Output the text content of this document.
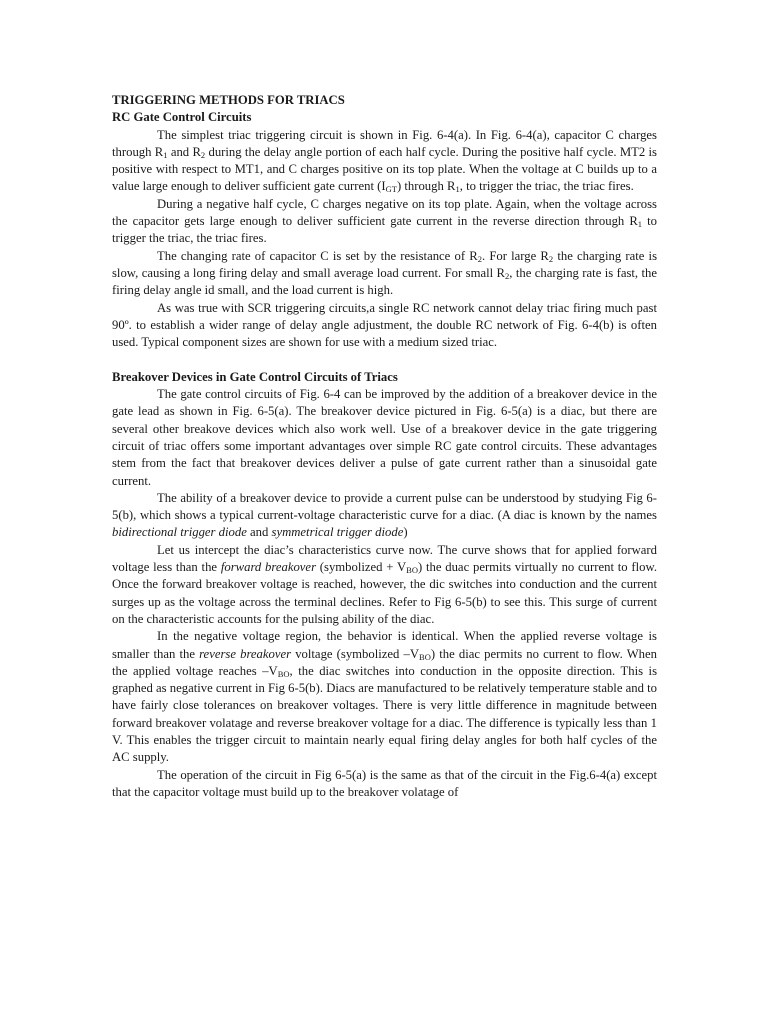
TRIGGERING METHODS FOR TRIACS
RC Gate Control Circuits

The simplest triac triggering circuit is shown in Fig. 6-4(a). In Fig. 6-4(a), capacitor C charges through $R_1$ and $R_2$ during the delay angle portion of each half cycle. During the positive half cycle. MT2 is positive with respect to MT1, and C charges positive on its top plate. When the voltage at C builds up to a value large enough to deliver sufficient gate current $(I_{GT})$ through $R_1$, to trigger the triac, the triac fires.

During a negative half cycle, C charges negative on its top plate. Again, when the voltage across the capacitor gets large enough to deliver sufficient gate current in the reverse direction through $R_1$ to trigger the triac, the triac fires.

The changing rate of capacitor C is set by the resistance of $R_2$. For large $R_2$ the charging rate is slow, causing a long firing delay and small average load current. For small $R_2$, the charging rate is fast, the firing delay angle id small, and the load current is high.

As was true with SCR triggering circuits,a single RC network cannot delay triac firing much past 90º. to establish a wider range of delay angle adjustment, the double RC network of Fig. 6-4(b) is often used. Typical component sizes are shown for use with a medium sized triac.

Breakover Devices in Gate Control Circuits of Triacs

The gate control circuits of Fig. 6-4 can be improved by the addition of a breakover device in the gate lead as shown in Fig. 6-5(a). The breakover device pictured in Fig. 6-5(a) is a diac, but there are several other breakove devices which also work well. Use of a breakover device in the gate triggering circuit of triac offers some important advantages over simple RC gate control circuits. These advantages stem from the fact that breakover devices deliver a pulse of gate current rather than a sinusoidal gate current.

The ability of a breakover device to provide a current pulse can be understood by studying Fig 6-5(b), which shows a typical current-voltage characteristic curve for a diac. (A diac is known by the names bidirectional trigger diode and symmetrical trigger diode)

Let us intercept the diac’s characteristics curve now. The curve shows that for applied forward voltage less than the forward breakover (symbolized + $V_{BO}$) the duac permits virtually no current to flow. Once the forward breakover voltage is reached, however, the dic switches into conduction and the current surges up as the voltage across the terminal declines. Refer to Fig 6-5(b) to see this. This surge of current on the characteristic accounts for the pulsing ability of the diac.

In the negative voltage region, the behavior is identical. When the applied reverse voltage is smaller than the reverse breakover voltage (symbolized $-V_{BO}$) the diac permits no current to flow. When the applied voltage reaches $-V_{BO}$, the diac switches into conduction in the opposite direction. This is graphed as negative current in Fig 6-5(b). Diacs are manufactured to be relatively temperature stable and to have fairly close tolerances on breakover voltages. There is very little difference in magnitude between forward breakover volatage and reverse breakover voltage for a diac. The difference is typically less than 1 V. This enables the trigger circuit to maintain nearly equal firing delay angles for both half cycles of the AC supply.

The operation of the circuit in Fig 6-5(a) is the same as that of the circuit in the Fig.6-4(a) except that the capacitor voltage must build up to the breakover volatage of
